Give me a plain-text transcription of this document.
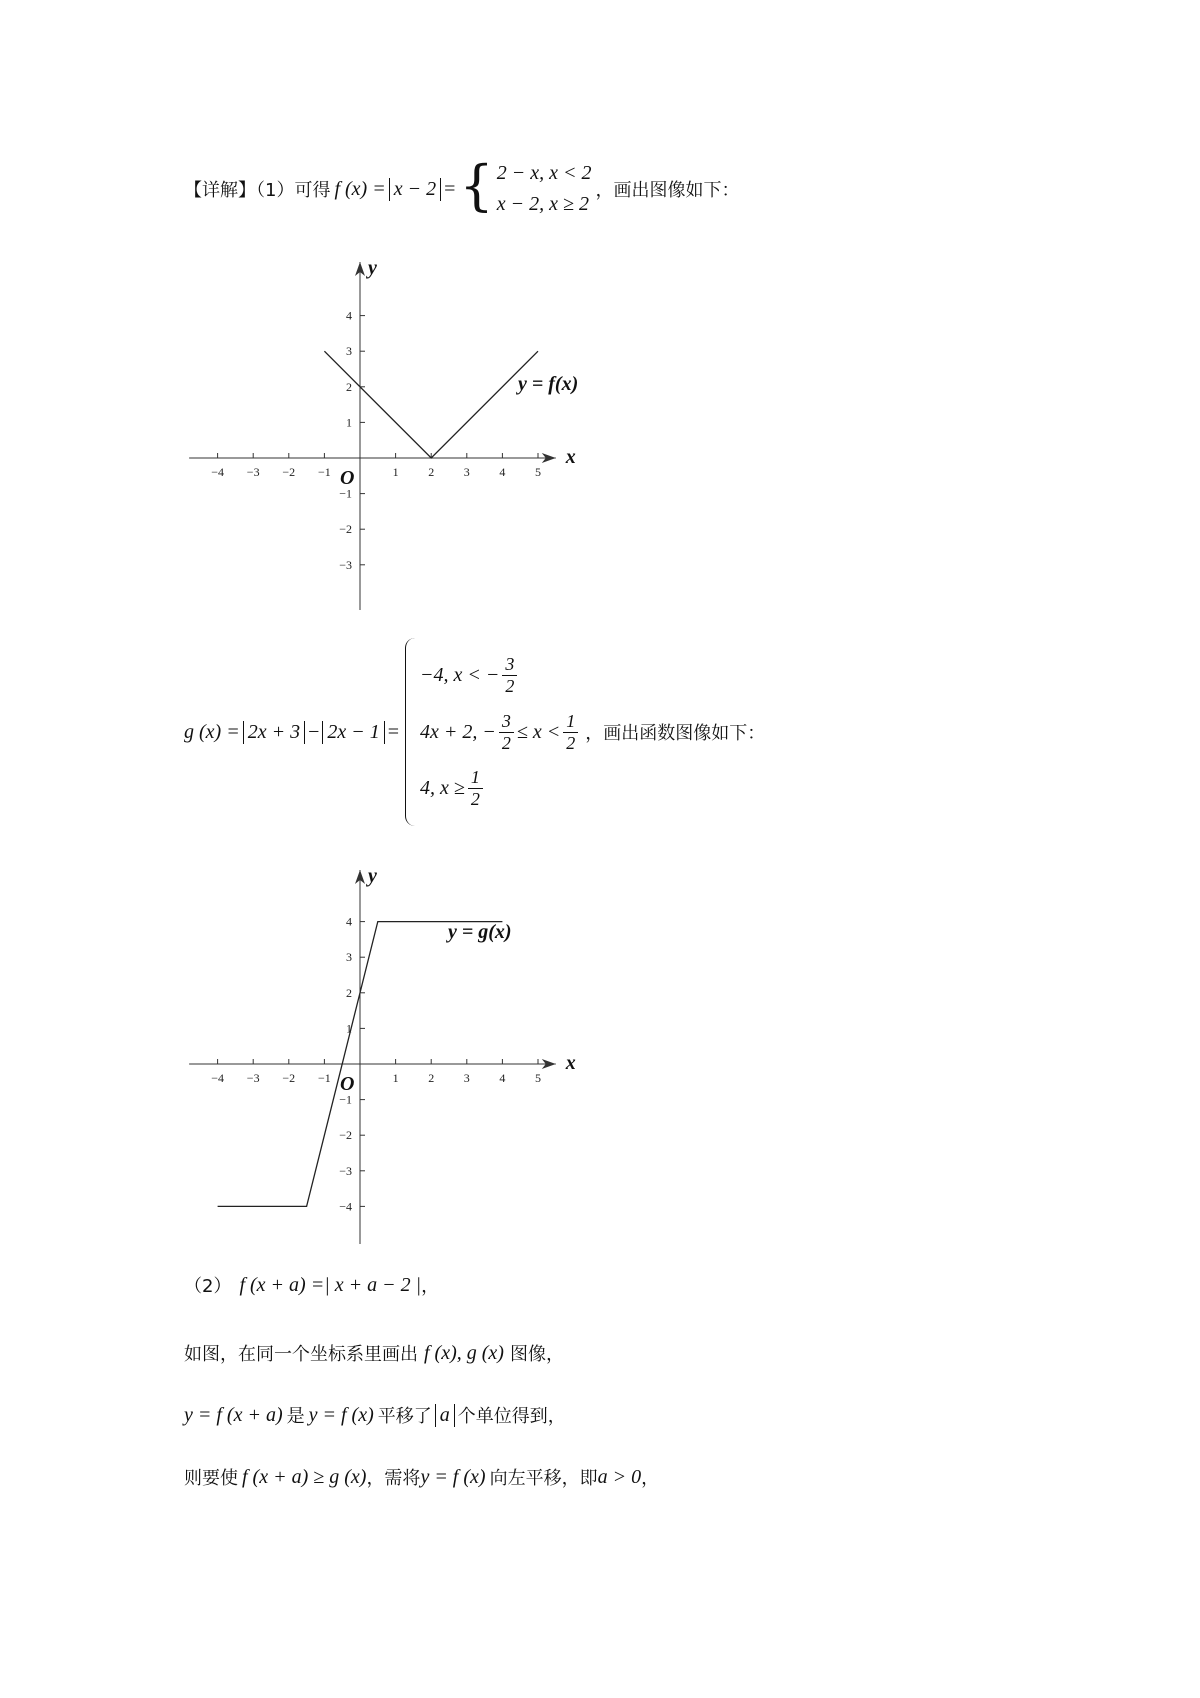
【详解】（1）可得 f (x) = x − 2 = { 2 − x, x < 2
x − 2, x ≥ 2
，画出图像如下：
−4 −3 −2 −1	1 2 3 4 5
1
2
3
4
−1
−2
−3
x
y
O
y = f(x)
g (x) = 2x + 3 − 2x − 1 =
−4, x < − $\frac{3}{2}$
4x + 2, − $\frac{3}{2} \le x < \frac{1}{2}$
4, $x \ge \frac{1}{2}$
，画出函数图像如下：
−4 −3 −2 −1	1 2 3 4 5
1
2
3
4
−1
−2
−3
−4
x
y
O
y = g(x)
（2） f (x + a) =| x + a − 2 | ，
如图，在同一个坐标系里画出 f (x), g (x) 图像，
y = f (x + a) 是 y = f (x) 平移了 a 个单位得到，
则要使 f (x + a) ≥ g (x) ，需将 y = f (x) 向左平移，即 a > 0 ，
